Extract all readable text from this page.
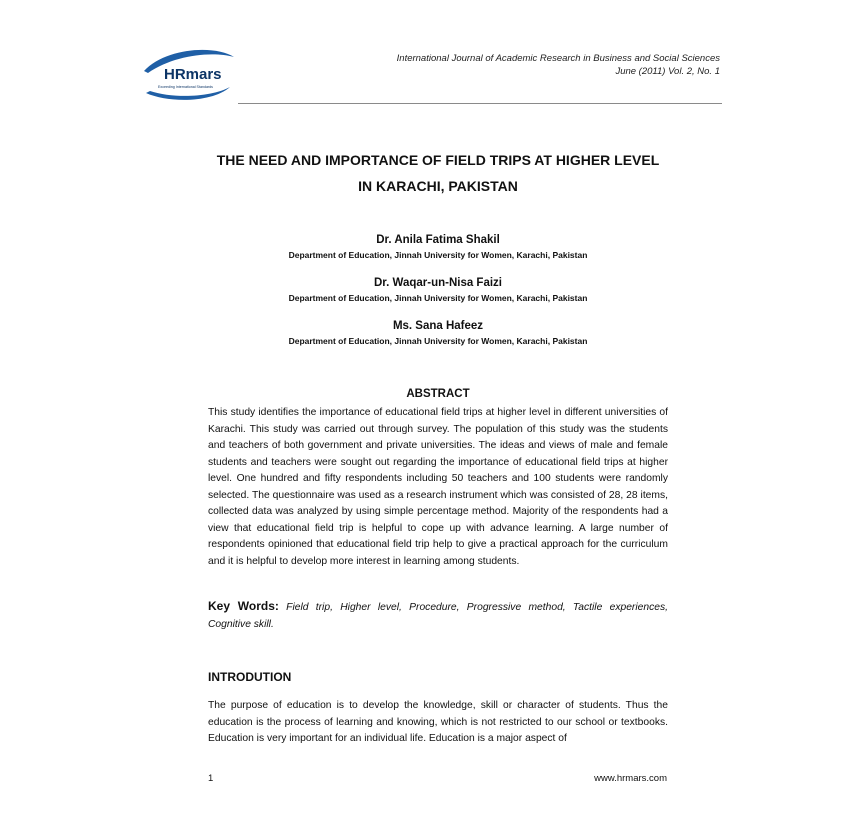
HRmars
Exceeding International Standards
International Journal of Academic Research in Business and Social Sciences
June (2011) Vol. 2, No. 1
THE NEED AND IMPORTANCE OF FIELD TRIPS AT HIGHER LEVEL
IN KARACHI, PAKISTAN
Dr. Anila Fatima Shakil
Department of Education, Jinnah University for Women, Karachi, Pakistan
Dr. Waqar-un-Nisa Faizi
Department of Education, Jinnah University for Women, Karachi, Pakistan
Ms. Sana Hafeez
Department of Education, Jinnah University for Women, Karachi, Pakistan
ABSTRACT
This study identifies the importance of educational field trips at higher level in different universities of Karachi. This study was carried out through survey. The population of this study was the students and teachers of both government and private universities. The ideas and views of male and female students and teachers were sought out regarding the importance of educational field trips at higher level. One hundred and fifty respondents including 50 teachers and 100 students were randomly selected. The questionnaire was used as a research instrument which was consisted of 28, 28 items, collected data was analyzed by using simple percentage method. Majority of the respondents had a view that educational field trip is helpful to cope up with advance learning. A large number of respondents opinioned that educational field trip help to give a practical approach for the curriculum and it is helpful to develop more interest in learning among students.
Key Words: Field trip, Higher level, Procedure, Progressive method, Tactile experiences, Cognitive skill.
INTRODUTION
The purpose of education is to develop the knowledge, skill or character of students. Thus the education is the process of learning and knowing, which is not restricted to our school or textbooks. Education is very important for an individual life. Education is a major aspect of
1	www.hrmars.com
